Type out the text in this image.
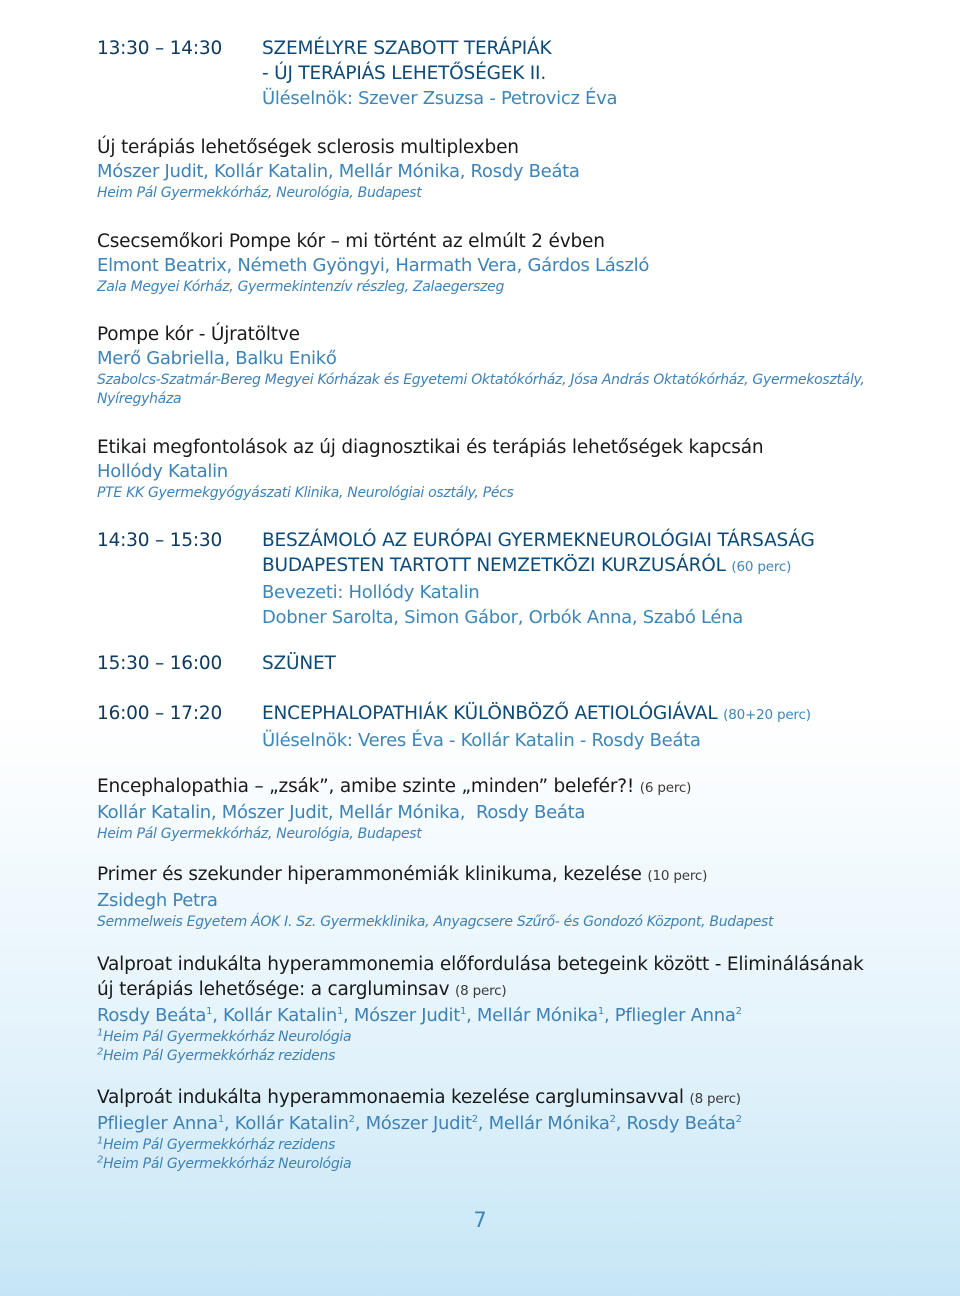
13:30 – 14:30	SZEMÉLYRE SZABOTT TERÁPIÁK
- ÚJ TERÁPIÁS LEHETŐSÉGEK II.
Üléselnök: Szever Zsuzsa - Petrovicz Éva
Új terápiás lehetőségek sclerosis multiplexben
Mószer Judit, Kollár Katalin, Mellár Mónika, Rosdy Beáta
Heim Pál Gyermekkórház, Neurológia, Budapest
Csecsemőkori Pompe kór – mi történt az elmúlt 2 évben
Elmont Beatrix, Németh Gyöngyi, Harmath Vera, Gárdos László
Zala Megyei Kórház, Gyermekintenzív részleg, Zalaegerszeg
Pompe kór - Újratöltve
Merő Gabriella, Balku Enikő
Szabolcs-Szatmár-Bereg Megyei Kórházak és Egyetemi Oktatókórház, Jósa András Oktatókórház, Gyermekosztály,
Nyíregyháza
Etikai megfontolások az új diagnosztikai és terápiás lehetőségek kapcsán
Hollódy Katalin
PTE KK Gyermekgyógyászati Klinika, Neurológiai osztály, Pécs
14:30 – 15:30	BESZÁMOLÓ AZ EURÓPAI GYERMEKNEUROLÓGIAI TÁRSASÁG
BUDAPESTEN TARTOTT NEMZETKÖZI KURZUSÁRÓL (60 perc)
Bevezeti: Hollódy Katalin
Dobner Sarolta, Simon Gábor, Orbók Anna, Szabó Léna
15:30 – 16:00	SZÜNET
16:00 – 17:20	ENCEPHALOPATHIÁK KÜLÖNBÖZŐ AETIOLÓGIÁVAL (80+20 perc)
Üléselnök: Veres Éva - Kollár Katalin - Rosdy Beáta
Encephalopathia – „zsák”, amibe szinte „minden” belefér?! (6 perc)
Kollár Katalin, Mószer Judit, Mellár Mónika,  Rosdy Beáta
Heim Pál Gyermekkórház, Neurológia, Budapest
Primer és szekunder hiperammonémiák klinikuma, kezelése (10 perc)
Zsidegh Petra
Semmelweis Egyetem ÁOK I. Sz. Gyermekklinika, Anyagcsere Szűrő- és Gondozó Központ, Budapest
Valproat indukálta hyperammonemia előfordulása betegeink között - Eliminálásának új terápiás lehetősége: a cargluminsav (8 perc)
Rosdy Beáta$^1$, Kollár Katalin$^1$, Mószer Judit$^1$, Mellár Mónika$^1$, Pfliegler Anna$^2$
$^1$Heim Pál Gyermekkórház Neurológia
$^2$Heim Pál Gyermekkórház rezidens
Valproát indukálta hyperammonaemia kezelése cargluminsavval (8 perc)
Pfliegler Anna$^1$, Kollár Katalin$^2$, Mószer Judit$^2$, Mellár Mónika$^2$, Rosdy Beáta$^2$
$^1$Heim Pál Gyermekkórház rezidens
$^2$Heim Pál Gyermekkórház Neurológia
7
